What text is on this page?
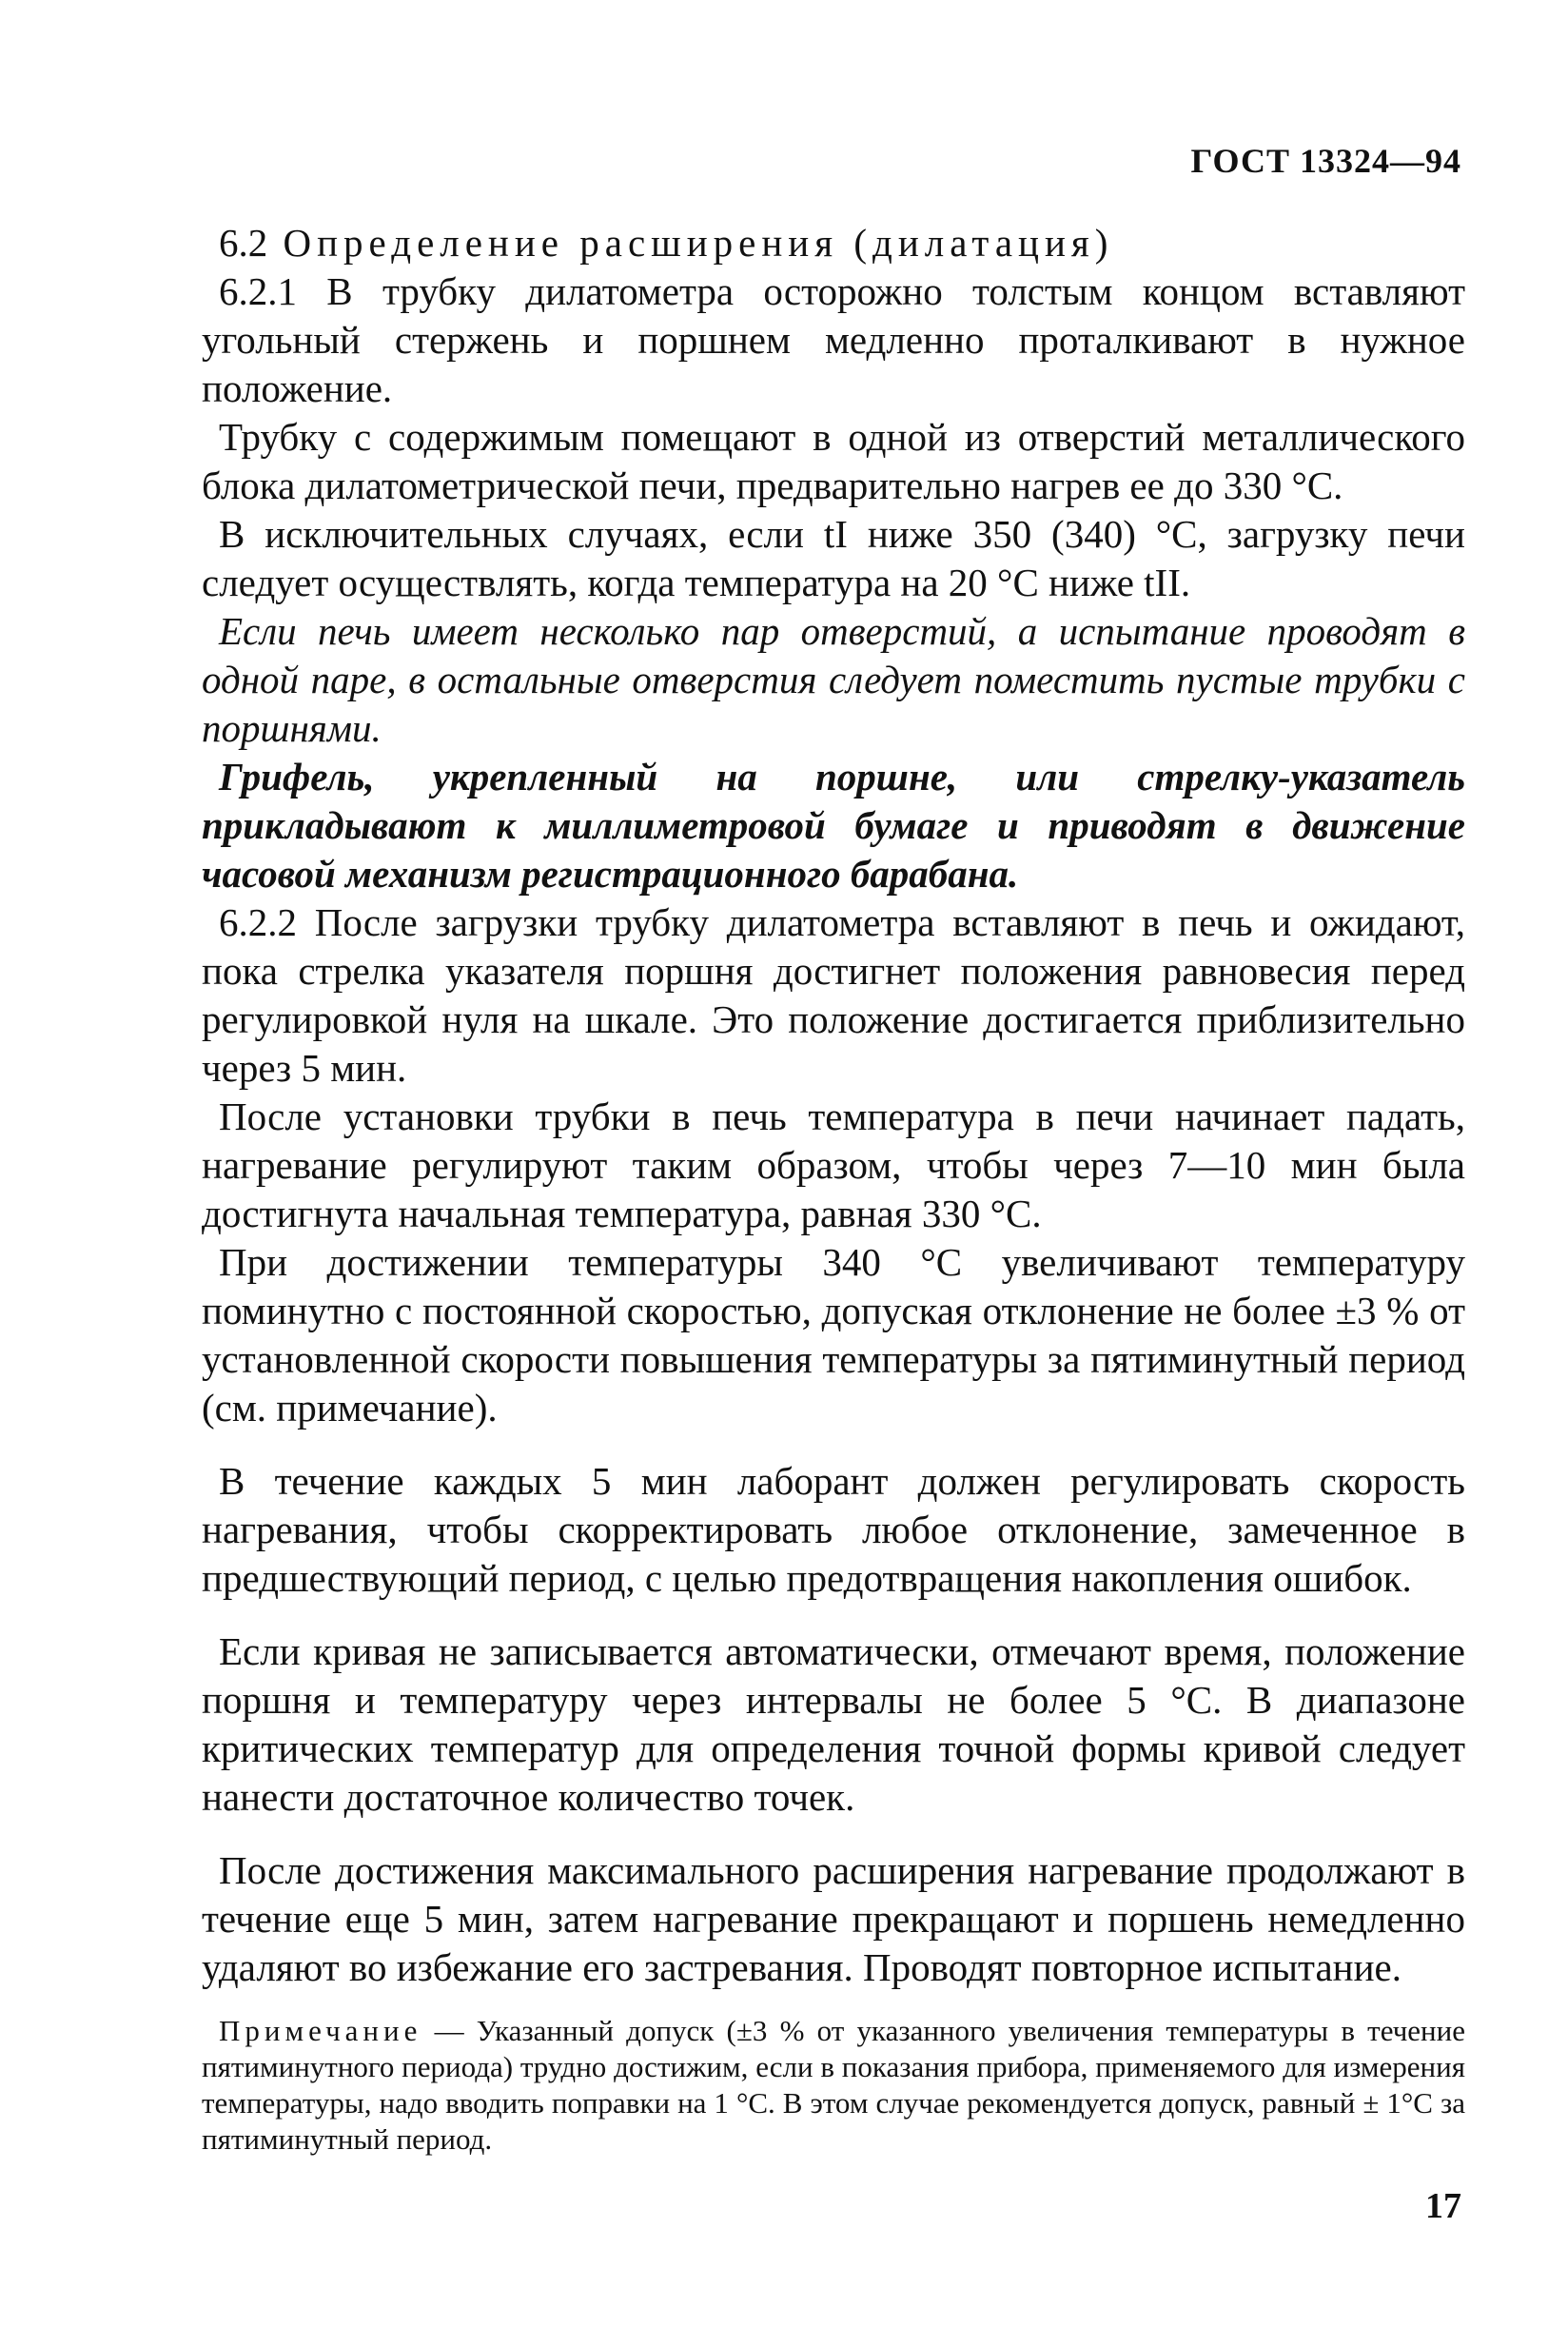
ГОСТ 13324—94

6.2 Определение расширения (дилатация)

6.2.1 В трубку дилатометра осторожно толстым концом вставляют угольный стержень и поршнем медленно проталкивают в нужное положение.

Трубку с содержимым помещают в одной из отверстий металлического блока дилатометрической печи, предварительно нагрев ее до 330 °С.

В исключительных случаях, если tI ниже 350 (340) °С, загрузку печи следует осуществлять, когда температура на 20 °С ниже tII.

Если печь имеет несколько пар отверстий, а испытание проводят в одной паре, в остальные отверстия следует поместить пустые трубки с поршнями.

Грифель, укрепленный на поршне, или стрелку-указатель прикладывают к миллиметровой бумаге и приводят в движение часовой механизм регистрационного барабана.

6.2.2 После загрузки трубку дилатометра вставляют в печь и ожидают, пока стрелка указателя поршня достигнет положения равновесия перед регулировкой нуля на шкале. Это положение достигается приблизительно через 5 мин.

После установки трубки в печь температура в печи начинает падать, нагревание регулируют таким образом, чтобы через 7—10 мин была достигнута начальная температура, равная 330 °С.

При достижении температуры 340 °С увеличивают температуру поминутно с постоянной скоростью, допуская отклонение не более ±3 % от установленной скорости повышения температуры за пятиминутный период (см. примечание).

В течение каждых 5 мин лаборант должен регулировать скорость нагревания, чтобы скорректировать любое отклонение, замеченное в предшествующий период, с целью предотвращения накопления ошибок.

Если кривая не записывается автоматически, отмечают время, положение поршня и температуру через интервалы не более 5 °С. В диапазоне критических температур для определения точной формы кривой следует нанести достаточное количество точек.

После достижения максимального расширения нагревание продолжают в течение еще 5 мин, затем нагревание прекращают и поршень немедленно удаляют во избежание его застревания. Проводят повторное испытание.

Примечание — Указанный допуск (±3 % от указанного увеличения температуры в течение пятиминутного периода) трудно достижим, если в показания прибора, применяемого для измерения температуры, надо вводить поправки на 1 °С. В этом случае рекомендуется допуск, равный ± 1°С за пятиминутный период.

17
